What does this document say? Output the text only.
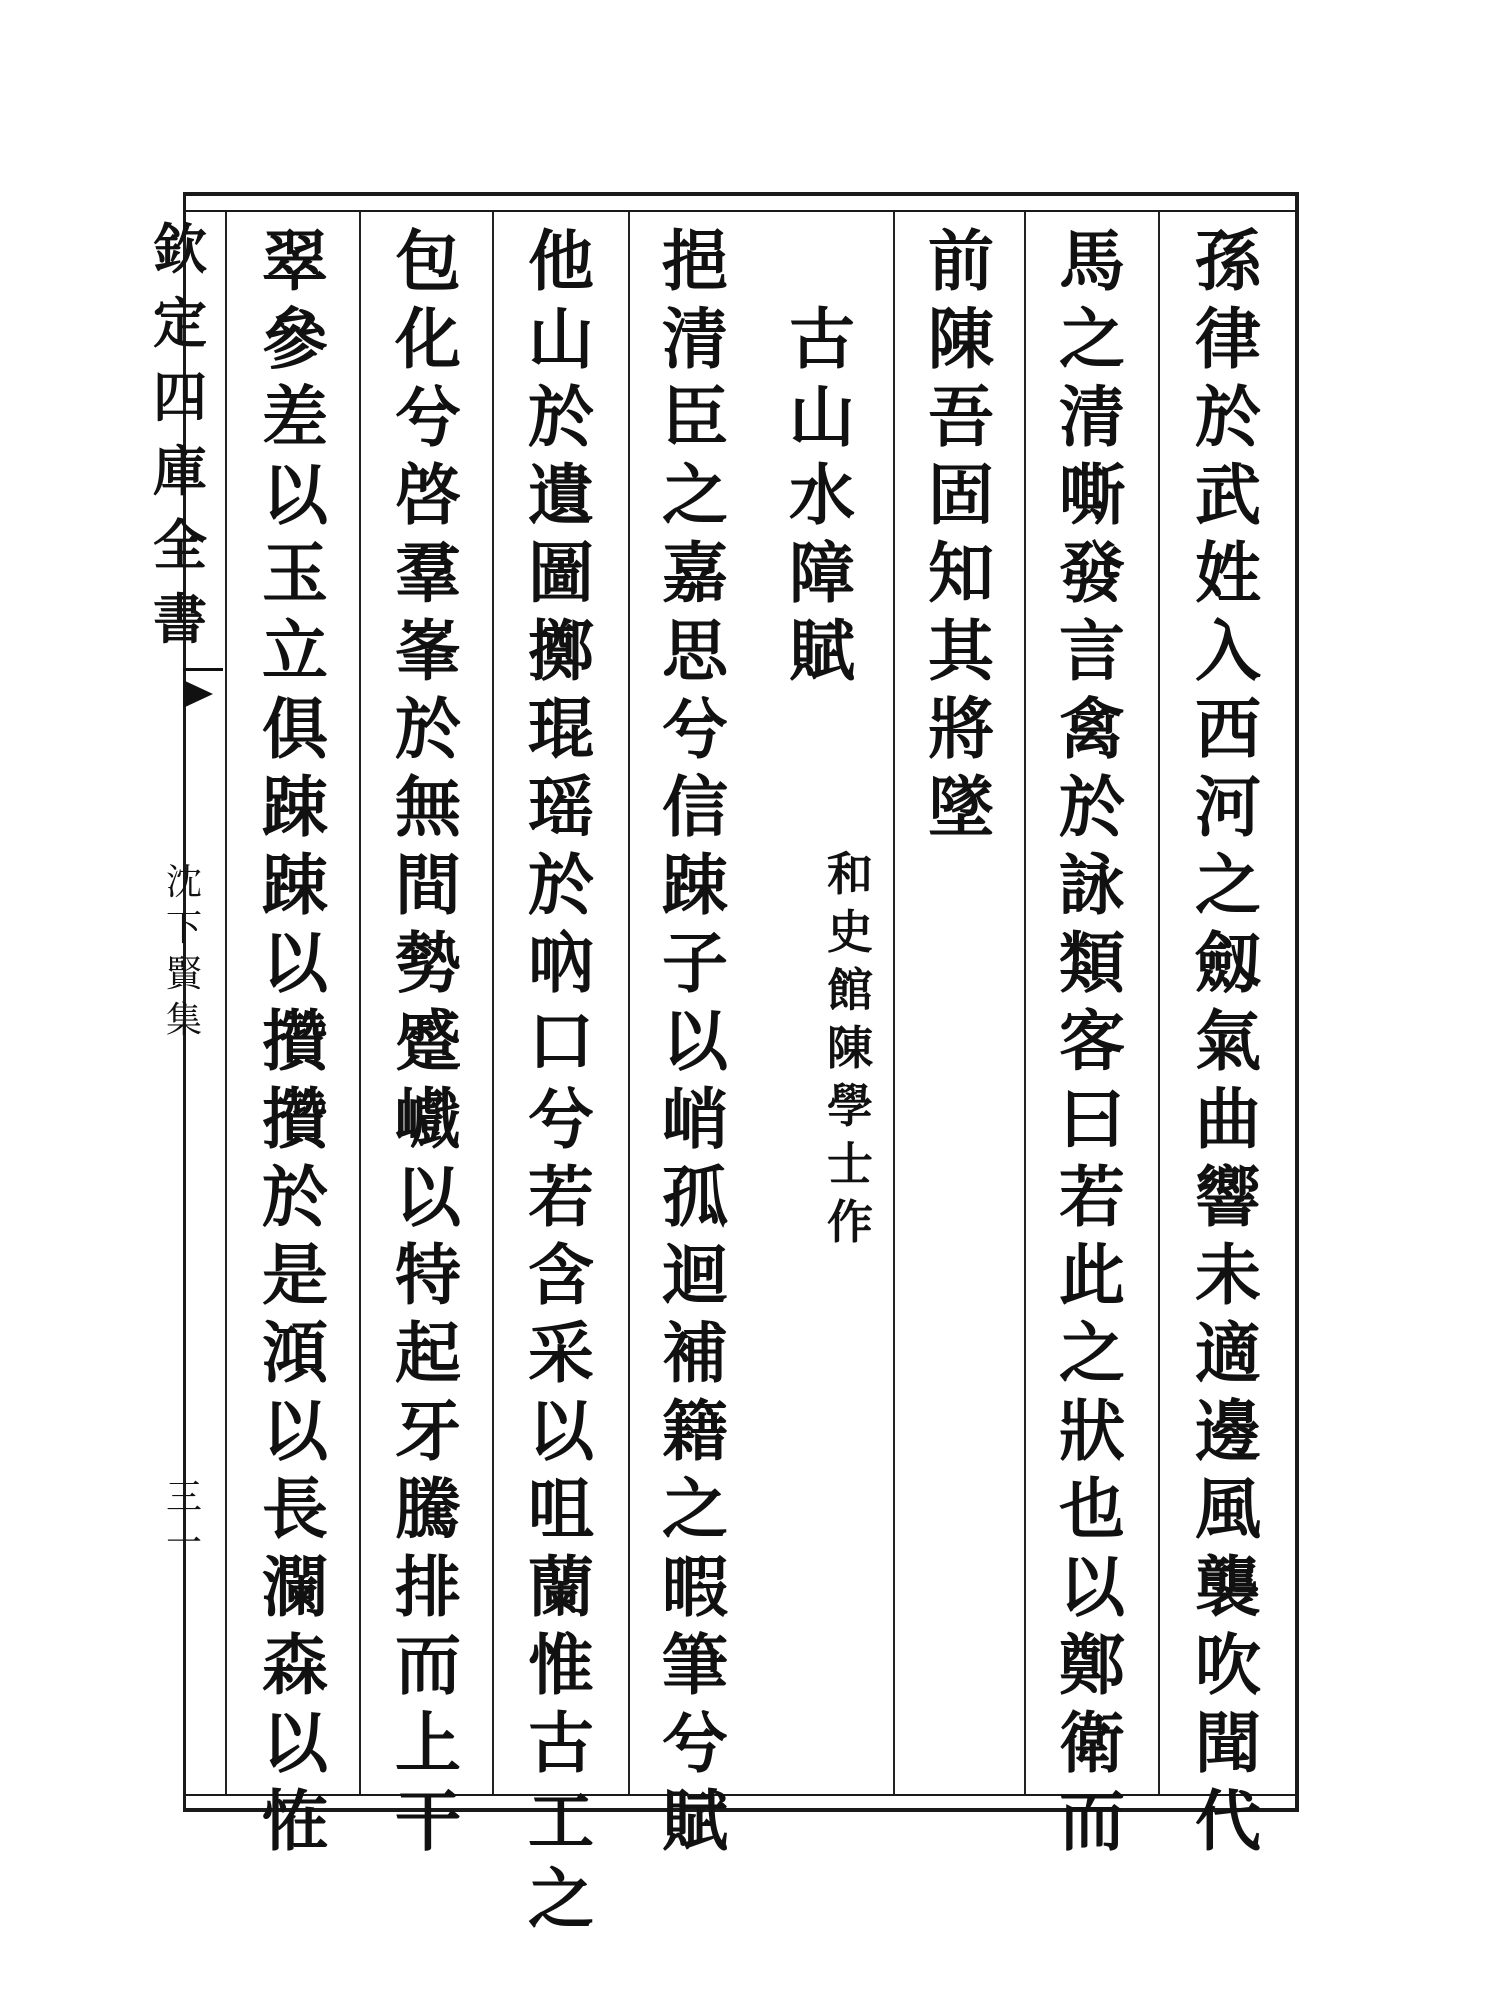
孫
律
於
武
姓
入
西
河
之
劔
氣
曲
響
未
適
邊
風
襲
吹
聞
代
馬
之
清
嘶
發
言
禽
於
詠
類
客
曰
若
此
之
狀
也
以
鄭
衛
而
前
陳
吾
固
知
其
將
墜
古
山
水
障
賦
和
史
館
陳
學
士
作
挹
清
臣
之
嘉
思
兮
信
踈
子
以
峭
孤
迴
補
籍
之
暇
筆
兮
賦
他
山
於
遺
圖
擲
琨
瑶
於
吶
口
兮
若
含
采
以
咀
蘭
惟
古
工
之
包
化
兮
啓
羣
峯
於
無
間
勢
蹙
巇
以
特
起
牙
騰
排
而
上
干
翠
參
差
以
玉
立
俱
踈
踈
以
攢
攢
於
是
澒
以
長
瀾
森
以
恠
欽
定
四
庫
全
書
沈
下
賢
集
三一
